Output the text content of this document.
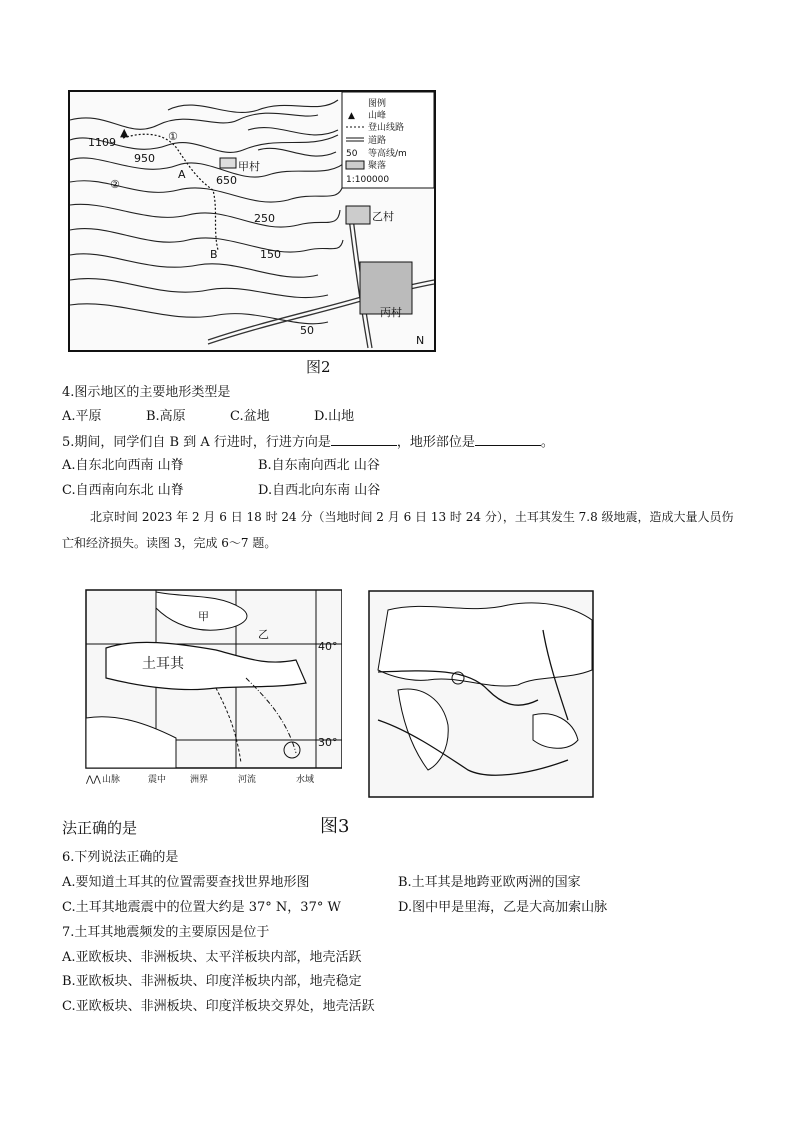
1109
▲	①
②
950
A	650
甲村
250
B	150
乙村
丙村
50
N
图例
▲ 山峰
登山线路
道路
50 等高线/m
聚落
1:100000
图2
4.图示地区的主要地形类型是
A.平原	B.高原	C.盆地	D.山地
5.期间，同学们自 B 到 A 行进时，行进方向是	，地形部位是	。
A.自东北向西南 山脊	B.自东南向西北 山谷
C.自西南向东北 山脊	D.自西北向东南 山谷
北京时间 2023 年 2 月 6 日 18 时 24 分（当地时间 2 月 6 日 13 时 24 分），土耳其发生 7.8 级地震，造成大量人员伤亡和经济损失。读图 3，完成 6～7 题。
甲
乙
土耳其
40°
30°
⋀⋀ 山脉	震中	洲界	河流	水域
法正确的是	图3
6.下列说法正确的是
A.要知道土耳其的位置需要查找世界地形图	B.土耳其是地跨亚欧两洲的国家
C.土耳其地震震中的位置大约是 37° N，37° W	D.图中甲是里海，乙是大高加索山脉
7.土耳其地震频发的主要原因是位于
A.亚欧板块、非洲板块、太平洋板块内部，地壳活跃
B.亚欧板块、非洲板块、印度洋板块内部，地壳稳定
C.亚欧板块、非洲板块、印度洋板块交界处，地壳活跃
